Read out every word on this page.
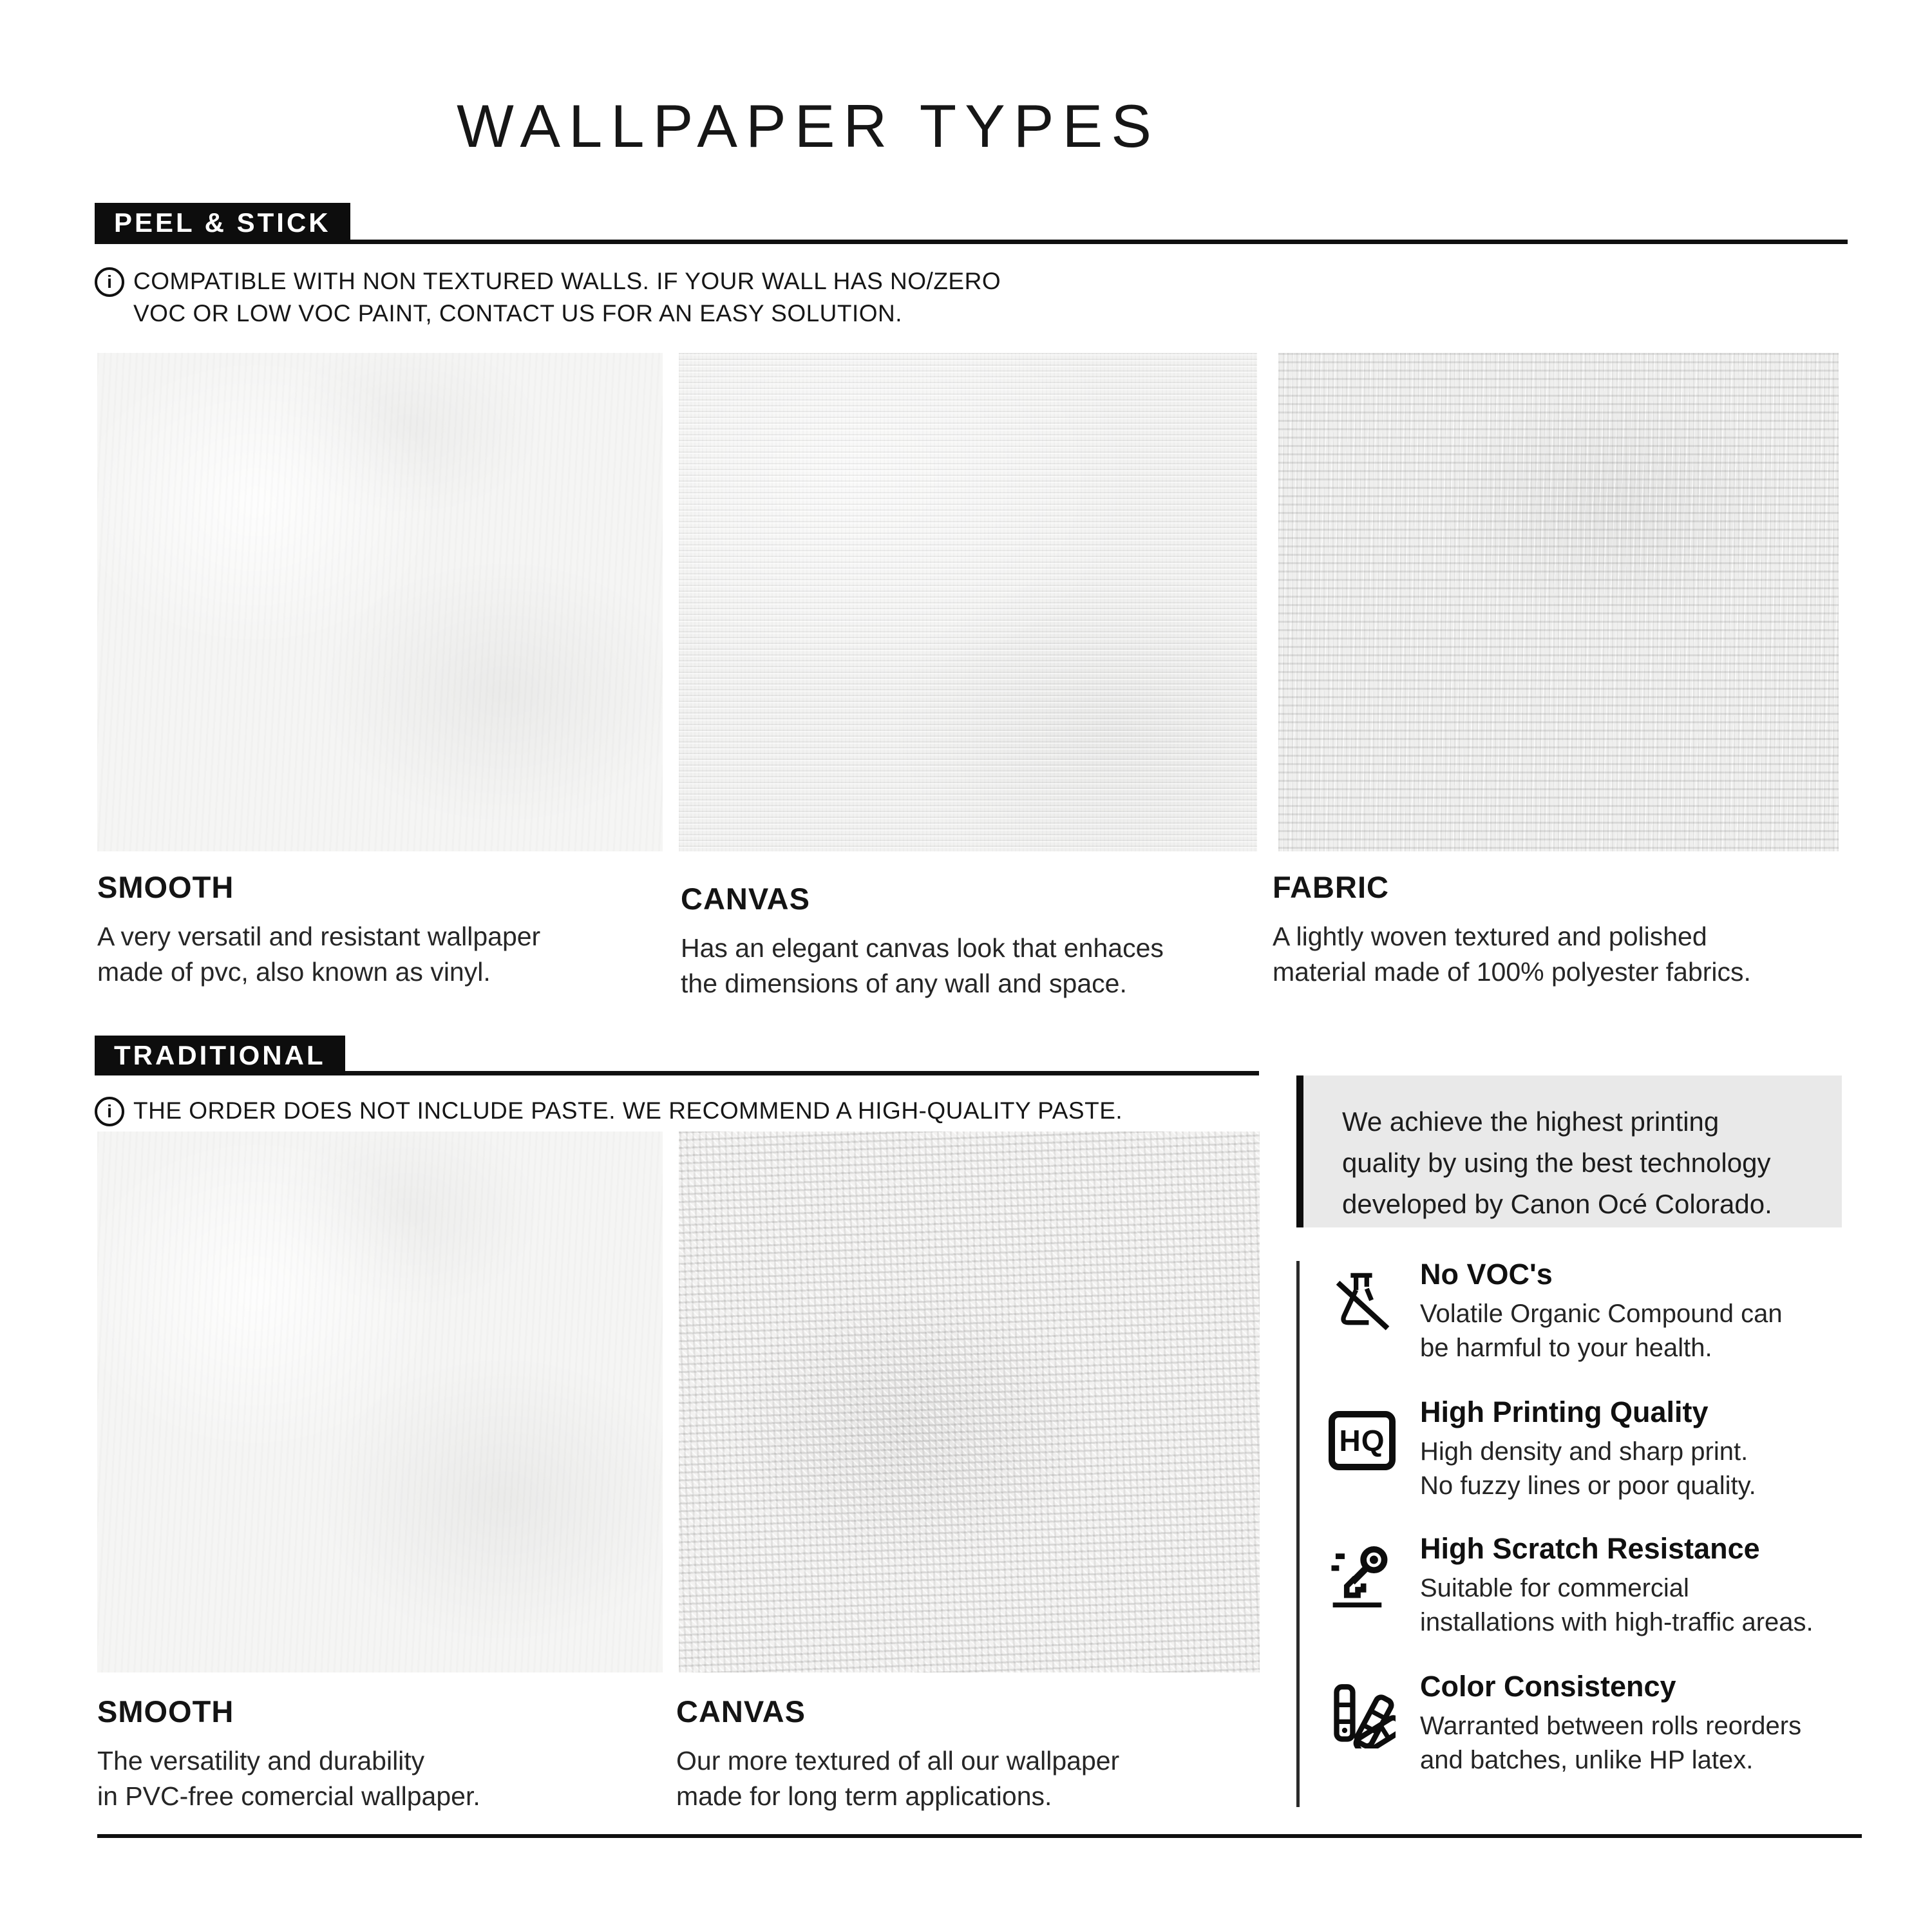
WALLPAPER TYPES
PEEL & STICK
i COMPATIBLE WITH NON TEXTURED WALLS. IF YOUR WALL HAS NO/ZERO
VOC OR LOW VOC PAINT, CONTACT US FOR AN EASY SOLUTION.
SMOOTH
A very versatil and resistant wallpaper
made of pvc, also known as vinyl.
CANVAS
Has an elegant canvas look that enhaces
the dimensions of any wall and space.
FABRIC
A lightly woven textured and polished
material made of 100% polyester fabrics.
TRADITIONAL
i THE ORDER DOES NOT INCLUDE PASTE. WE RECOMMEND A HIGH-QUALITY PASTE.
SMOOTH
The versatility and durability
in PVC-free comercial wallpaper.
CANVAS
Our more textured of all our wallpaper
made for long term applications.
We achieve the highest printing
quality by using the best technology
developed by Canon Océ Colorado.
No VOC's
Volatile Organic Compound can
be harmful to your health.
HQ
High Printing Quality
High density and sharp print.
No fuzzy lines or poor quality.
High Scratch Resistance
Suitable for commercial
installations with high-traffic areas.
Color Consistency
Warranted between rolls reorders
and batches, unlike HP latex.
